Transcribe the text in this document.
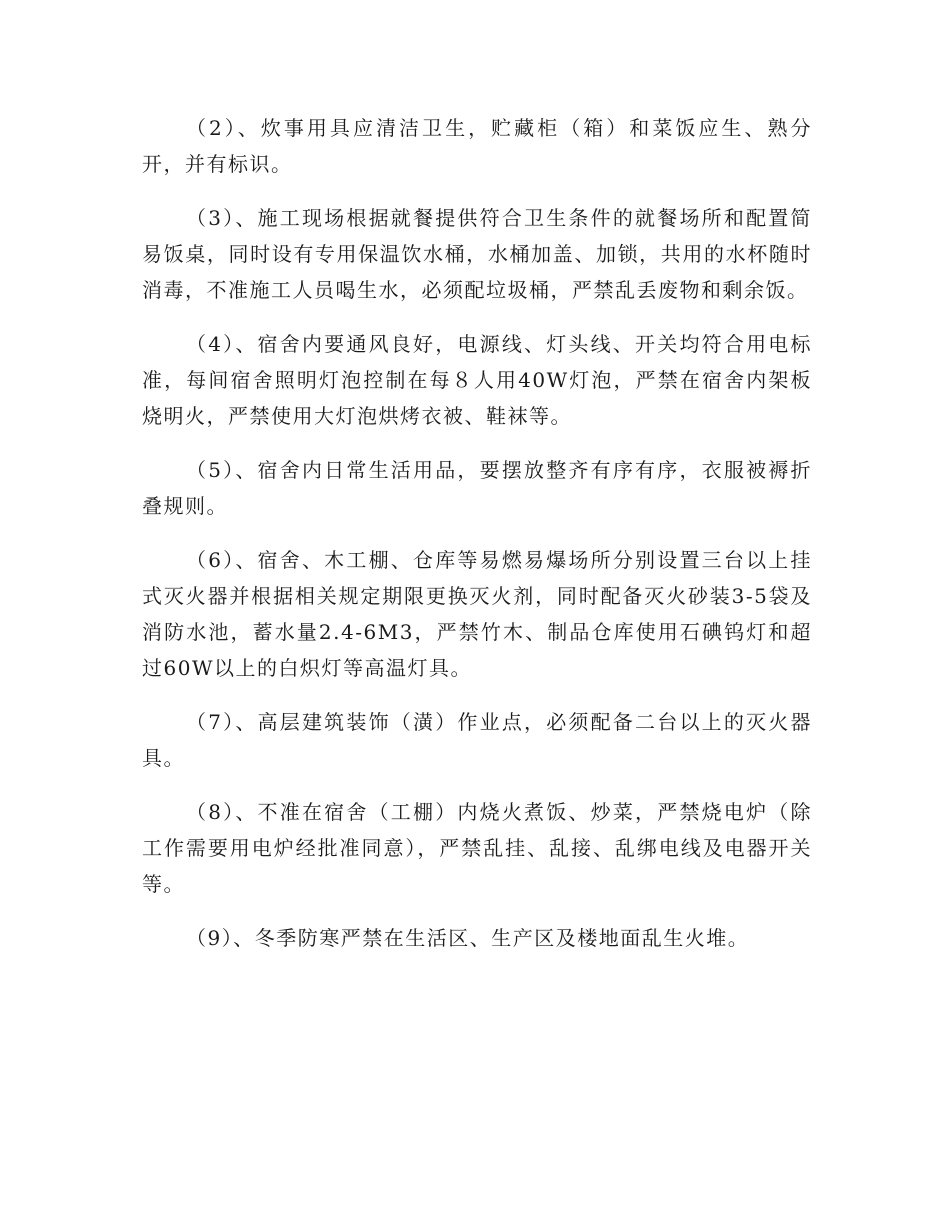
（2）、炊事用具应清洁卫生，贮藏柜（箱）和菜饭应生、熟分开，并有标识。

（3）、施工现场根据就餐提供符合卫生条件的就餐场所和配置简易饭桌，同时设有专用保温饮水桶，水桶加盖、加锁，共用的水杯随时消毒，不准施工人员喝生水，必须配垃圾桶，严禁乱丢废物和剩余饭。

（4）、宿舍内要通风良好，电源线、灯头线、开关均符合用电标准，每间宿舍照明灯泡控制在每８人用40W灯泡，严禁在宿舍内架板烧明火，严禁使用大灯泡烘烤衣被、鞋袜等。

（5）、宿舍内日常生活用品，要摆放整齐有序有序，衣服被褥折叠规则。

（6）、宿舍、木工棚、仓库等易燃易爆场所分别设置三台以上挂式灭火器并根据相关规定期限更换灭火剂，同时配备灭火砂装3-5袋及消防水池，蓄水量2.4-6M3，严禁竹木、制品仓库使用石碘钨灯和超过60W以上的白炽灯等高温灯具。

（7）、高层建筑装饰（潢）作业点，必须配备二台以上的灭火器具。

（8）、不准在宿舍（工棚）内烧火煮饭、炒菜，严禁烧电炉（除工作需要用电炉经批准同意），严禁乱挂、乱接、乱绑电线及电器开关等。

（9）、冬季防寒严禁在生活区、生产区及楼地面乱生火堆。
